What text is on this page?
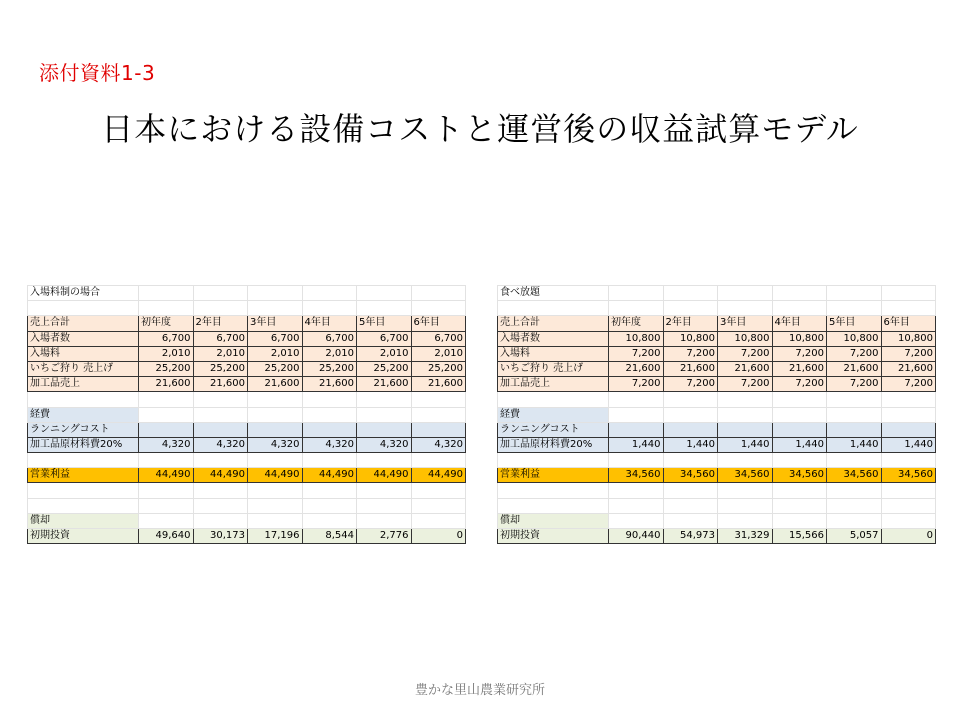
添付資料1-3
日本における設備コストと運営後の収益試算モデル
入場料制の場合						

売上合計	初年度	2年目	3年目	4年目	5年目	6年目
入場者数	6,700	6,700	6,700	6,700	6,700	6,700
入場料	2,010	2,010	2,010	2,010	2,010	2,010
いちご狩り 売上げ	25,200	25,200	25,200	25,200	25,200	25,200
加工品売上	21,600	21,600	21,600	21,600	21,600	21,600

経費						
ランニングコスト						
加工品原材料費20%	4,320	4,320	4,320	4,320	4,320	4,320

営業利益	44,490	44,490	44,490	44,490	44,490	44,490

償却						
初期投資	49,640	30,173	17,196	8,544	2,776	0
食べ放題						

売上合計	初年度	2年目	3年目	4年目	5年目	6年目
入場者数	10,800	10,800	10,800	10,800	10,800	10,800
入場料	7,200	7,200	7,200	7,200	7,200	7,200
いちご狩り 売上げ	21,600	21,600	21,600	21,600	21,600	21,600
加工品売上	7,200	7,200	7,200	7,200	7,200	7,200

経費						
ランニングコスト						
加工品原材料費20%	1,440	1,440	1,440	1,440	1,440	1,440

営業利益	34,560	34,560	34,560	34,560	34,560	34,560

償却						
初期投資	90,440	54,973	31,329	15,566	5,057	0
豊かな里山農業研究所
